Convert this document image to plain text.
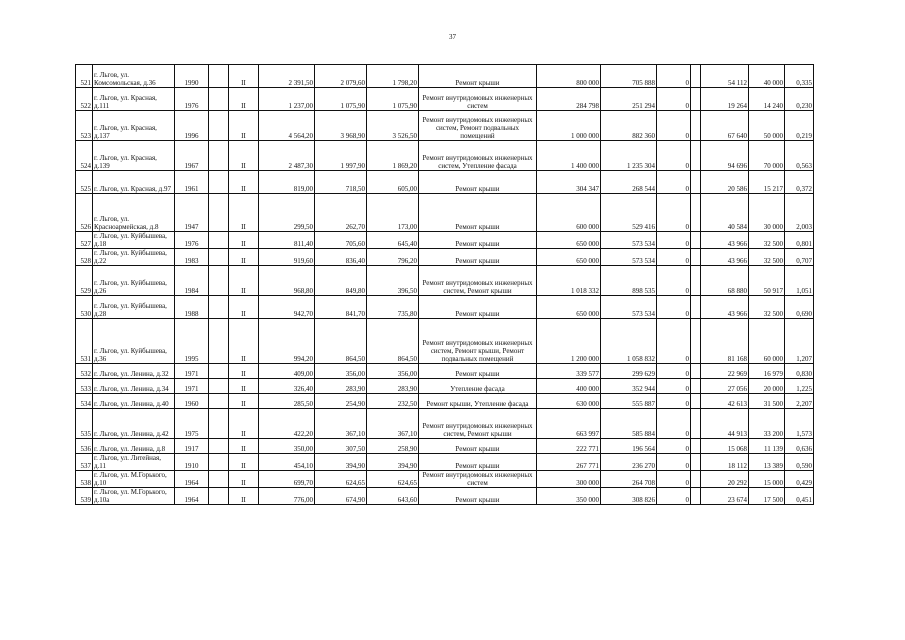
37
521	г. Льгов, ул. Комсомольская, д.36	1990		II	2 391,50	2 079,60	1 798,20	Ремонт крыши	800 000	705 888	0		54 112	40 000	0,335
522	г. Льгов, ул. Красная, д.111	1976		II	1 237,00	1 075,90	1 075,90	Ремонт внутридомовых инженерных систем	284 798	251 294	0		19 264	14 240	0,230
523	г. Льгов, ул. Красная, д.137	1996		II	4 564,20	3 968,90	3 526,50	Ремонт внутридомовых инженерных систем, Ремонт подвальных помещений	1 000 000	882 360	0		67 640	50 000	0,219
524	г. Льгов, ул. Красная, д.139	1967		II	2 487,30	1 997,90	1 869,20	Ремонт внутридомовых инженерных систем, Утепление фасада	1 400 000	1 235 304	0		94 696	70 000	0,563
525	г. Льгов, ул. Красная, д.97	1961		II	819,00	718,50	605,00	Ремонт крыши	304 347	268 544	0		20 586	15 217	0,372
526	г. Льгов, ул. Красноармейская, д.8	1947		II	299,50	262,70	173,00	Ремонт крыши	600 000	529 416	0		40 584	30 000	2,003
527	г. Льгов, ул. Куйбышева, д.18	1976		II	811,40	705,60	645,40	Ремонт крыши	650 000	573 534	0		43 966	32 500	0,801
528	г. Льгов, ул. Куйбышева, д.22	1983		II	919,60	836,40	796,20	Ремонт крыши	650 000	573 534	0		43 966	32 500	0,707
529	г. Льгов, ул. Куйбышева, д.26	1984		II	968,80	849,80	396,50	Ремонт внутридомовых инженерных систем, Ремонт крыши	1 018 332	898 535	0		68 880	50 917	1,051
530	г. Льгов, ул. Куйбышева, д.28	1988		II	942,70	841,70	735,80	Ремонт крыши	650 000	573 534	0		43 966	32 500	0,690
531	г. Льгов, ул. Куйбышева, д.36	1995		II	994,20	864,50	864,50	Ремонт внутридомовых инженерных систем, Ремонт крыши, Ремонт подвальных помещений	1 200 000	1 058 832	0		81 168	60 000	1,207
532	г. Льгов, ул. Ленина, д.32	1971		II	409,00	356,00	356,00	Ремонт крыши	339 577	299 629	0		22 969	16 979	0,830
533	г. Льгов, ул. Ленина, д.34	1971		II	326,40	283,90	283,90	Утепление фасада	400 000	352 944	0		27 056	20 000	1,225
534	г. Льгов, ул. Ленина, д.40	1960		II	285,50	254,90	232,50	Ремонт крыши, Утепление фасада	630 000	555 887	0		42 613	31 500	2,207
535	г. Льгов, ул. Ленина, д.42	1975		II	422,20	367,10	367,10	Ремонт внутридомовых инженерных систем, Ремонт крыши	663 997	585 884	0		44 913	33 200	1,573
536	г. Льгов, ул. Ленина, д.8	1917		II	350,00	307,50	258,90	Ремонт крыши	222 771	196 564	0		15 068	11 139	0,636
537	г. Льгов, ул. Литейная, д.11	1910		II	454,10	394,90	394,90	Ремонт крыши	267 771	236 270	0		18 112	13 389	0,590
538	г. Льгов, ул. М.Горького, д.10	1964		II	699,70	624,65	624,65	Ремонт внутридомовых инженерных систем	300 000	264 708	0		20 292	15 000	0,429
539	г. Льгов, ул. М.Горького, д.10а	1964		II	776,00	674,90	643,60	Ремонт крыши	350 000	308 826	0		23 674	17 500	0,451
